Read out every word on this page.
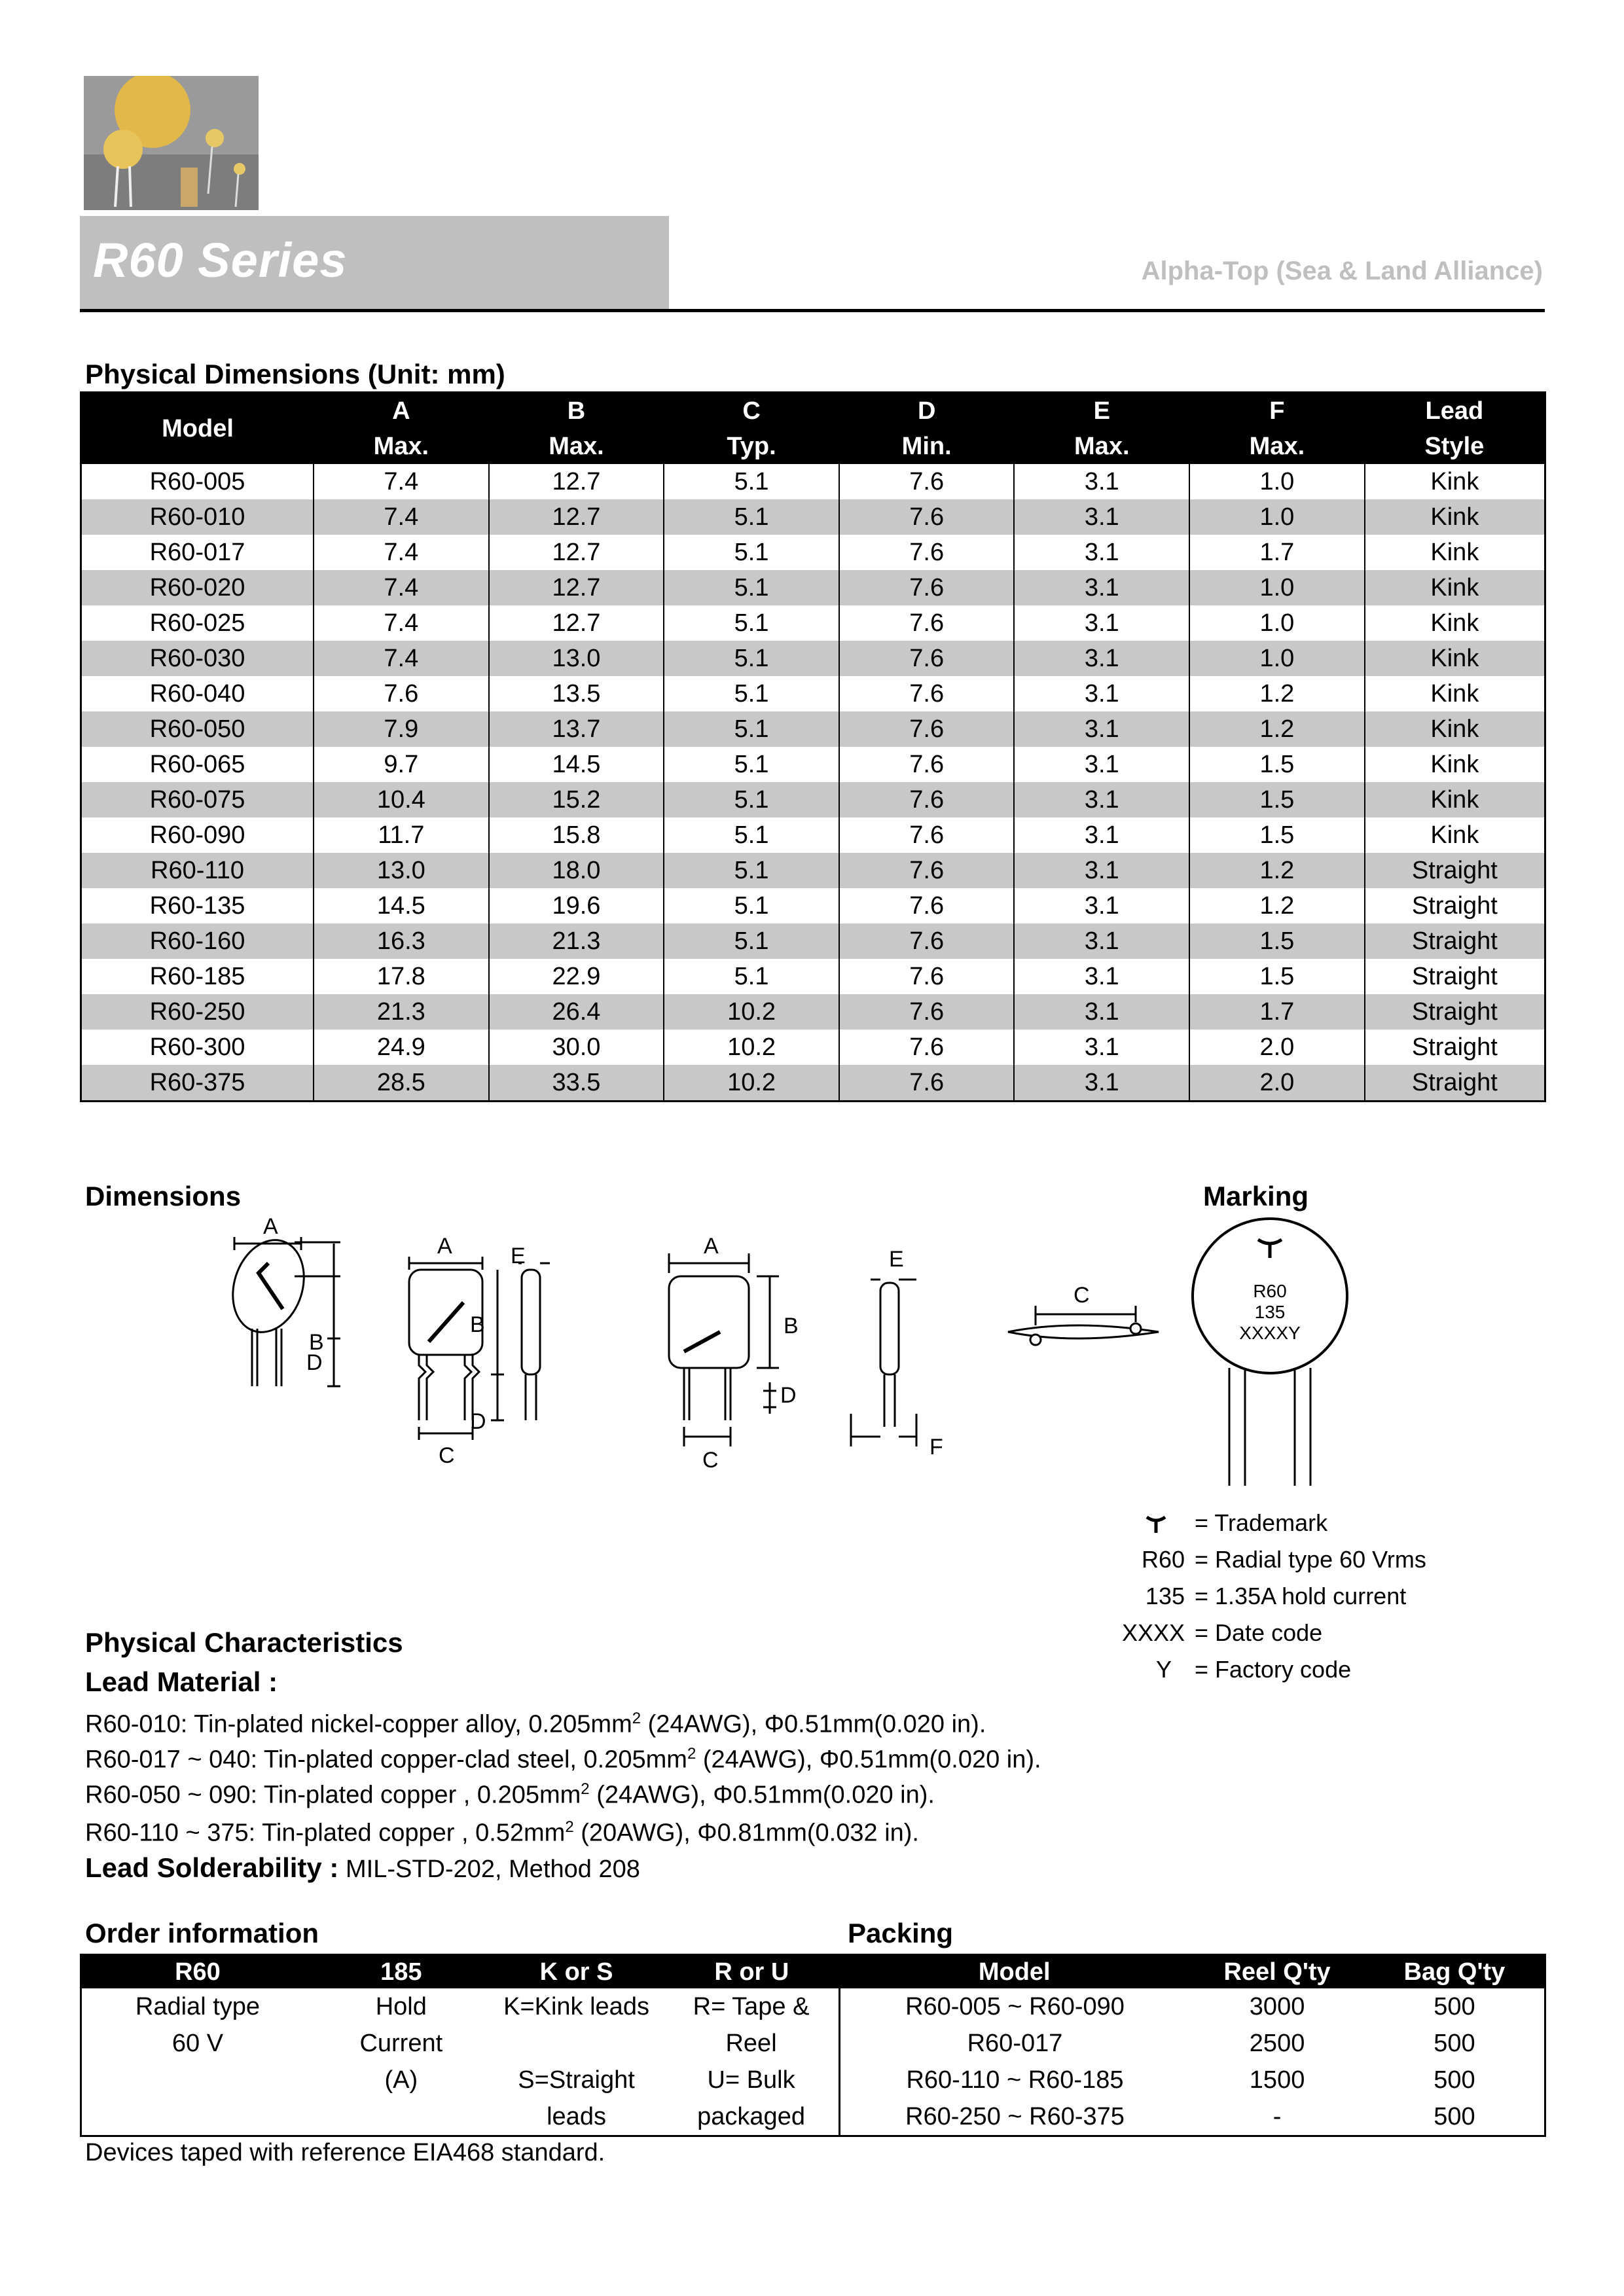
R60 Series	Alpha-Top (Sea & Land Alliance)
Physical Dimensions (Unit: mm)
Model	A	B	C	D	E	F	Lead
	Max.	Max.	Typ.	Min.	Max.	Max.	Style
R60-005	7.4	12.7	5.1	7.6	3.1	1.0	Kink
R60-010	7.4	12.7	5.1	7.6	3.1	1.0	Kink
R60-017	7.4	12.7	5.1	7.6	3.1	1.7	Kink
R60-020	7.4	12.7	5.1	7.6	3.1	1.0	Kink
R60-025	7.4	12.7	5.1	7.6	3.1	1.0	Kink
R60-030	7.4	13.0	5.1	7.6	3.1	1.0	Kink
R60-040	7.6	13.5	5.1	7.6	3.1	1.2	Kink
R60-050	7.9	13.7	5.1	7.6	3.1	1.2	Kink
R60-065	9.7	14.5	5.1	7.6	3.1	1.5	Kink
R60-075	10.4	15.2	5.1	7.6	3.1	1.5	Kink
R60-090	11.7	15.8	5.1	7.6	3.1	1.5	Kink
R60-110	13.0	18.0	5.1	7.6	3.1	1.2	Straight
R60-135	14.5	19.6	5.1	7.6	3.1	1.2	Straight
R60-160	16.3	21.3	5.1	7.6	3.1	1.5	Straight
R60-185	17.8	22.9	5.1	7.6	3.1	1.5	Straight
R60-250	21.3	26.4	10.2	7.6	3.1	1.7	Straight
R60-300	24.9	30.0	10.2	7.6	3.1	2.0	Straight
R60-375	28.5	33.5	10.2	7.6	3.1	2.0	Straight
Dimensions
A
B
D
A
B
D
C
E	A
B
D
C
E
F
C
Marking
R60
135
XXXXY
= Trademark
R60 = Radial type 60 Vrms
135 = 1.35A hold current
XXXX = Date code
Y = Factory code
Physical Characteristics
Lead Material :
R60-010: Tin-plated nickel-copper alloy, $0.205mm^2$ (24AWG), Φ0.51mm(0.020 in).
R60-017 ~ 040: Tin-plated copper-clad steel, $0.205mm^2$ (24AWG), Φ0.51mm(0.020 in).
R60-050 ~ 090: Tin-plated copper , $0.205mm^2$ (24AWG), Φ0.51mm(0.020 in).
R60-110 ~ 375: Tin-plated copper , $0.52mm^2$ (20AWG), Φ0.81mm(0.032 in).
Lead Solderability : MIL-STD-202, Method 208
Order information	Packing
R60	185	K or S	R or U	Model	Reel Q'ty	Bag Q'ty
Radial type	Hold	K=Kink leads	R= Tape &	R60-005 ~ R60-090	3000	500
60 V	Current		Reel	R60-017	2500	500
	(A)	S=Straight	U= Bulk	R60-110 ~ R60-185	1500	500
		leads	packaged	R60-250 ~ R60-375	-	500
Devices taped with reference EIA468 standard.
